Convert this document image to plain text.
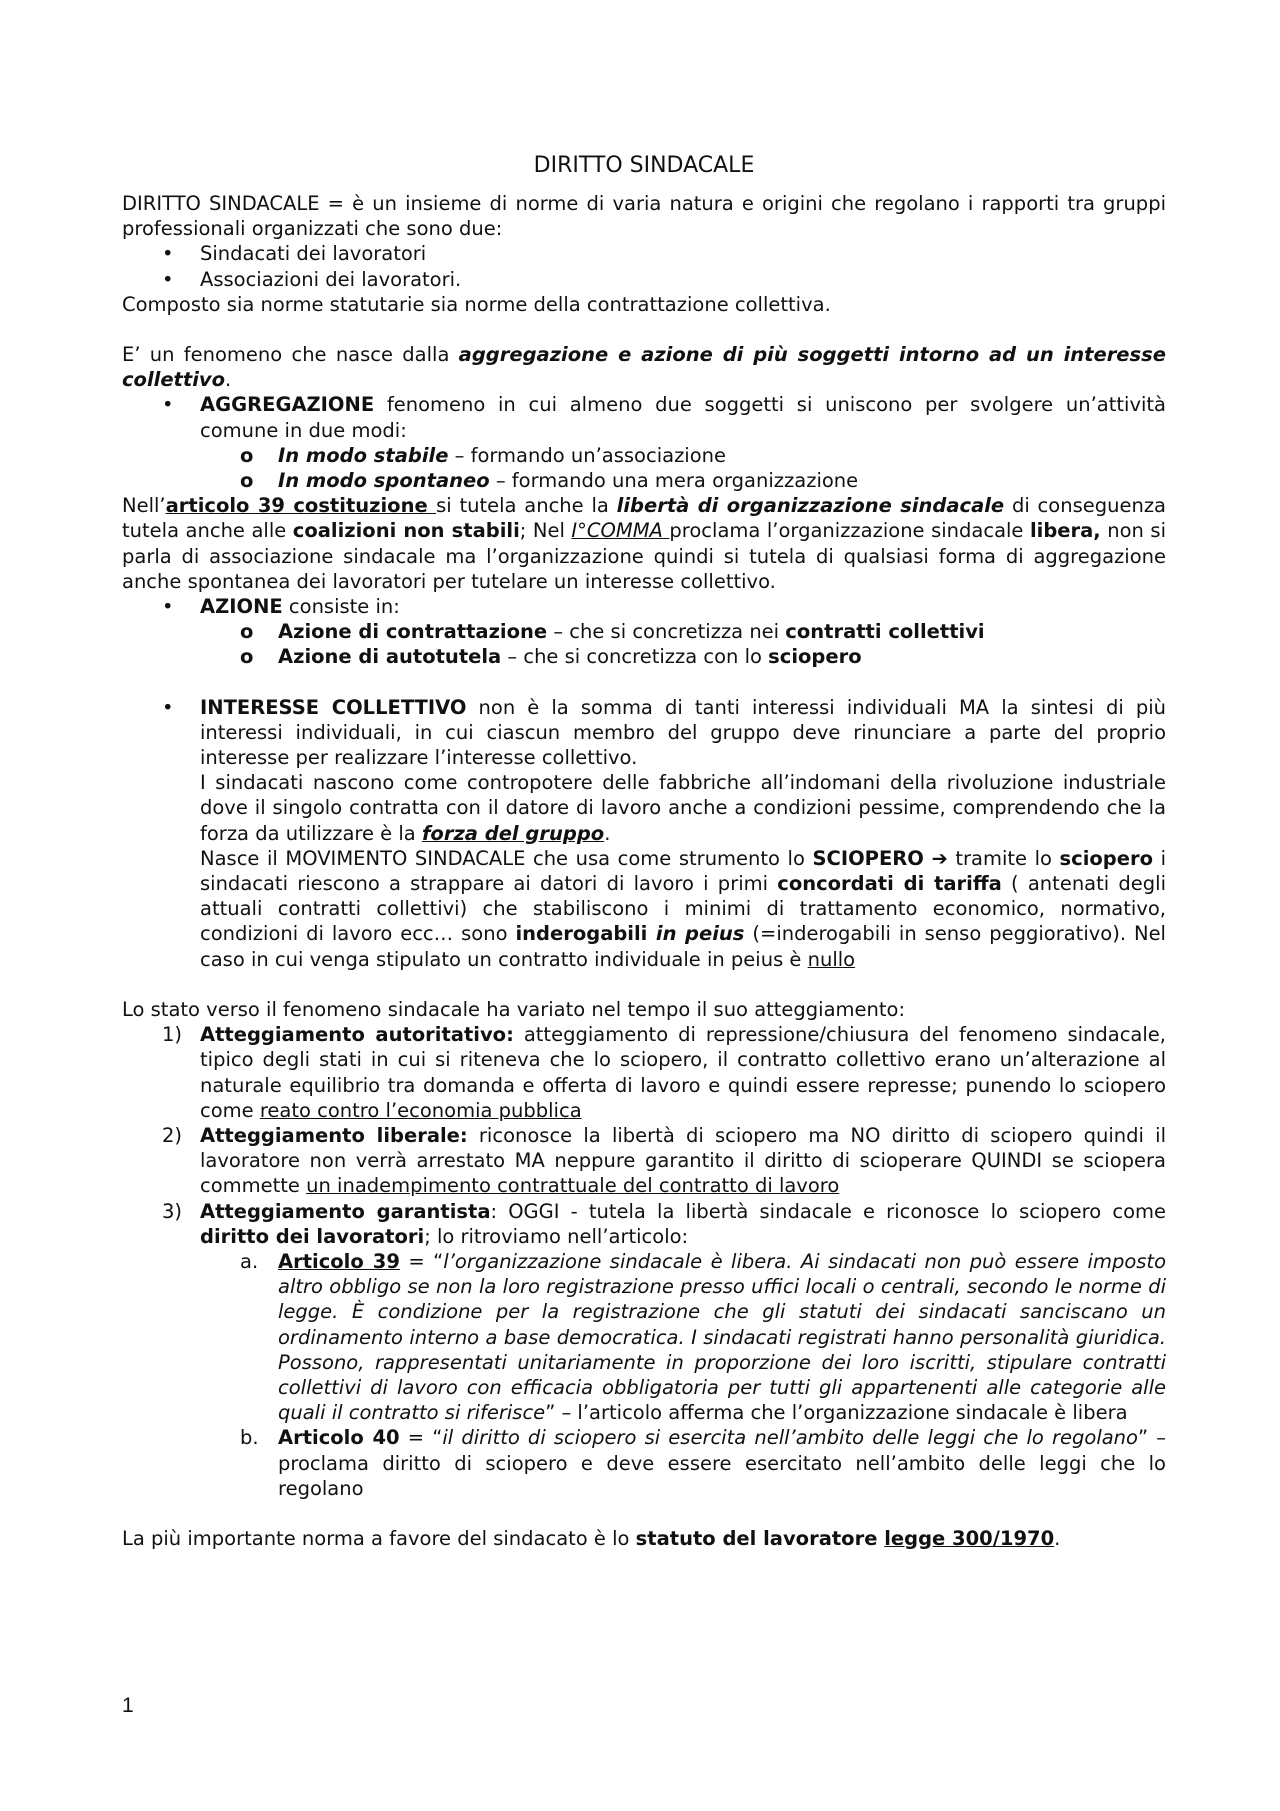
DIRITTO SINDACALE

DIRITTO SINDACALE = è un insieme di norme di varia natura e origini che regolano i rapporti tra gruppi professionali organizzati che sono due:

• Sindacati dei lavoratori
• Associazioni dei lavoratori.

Composto sia norme statutarie sia norme della contrattazione collettiva.

E’ un fenomeno che nasce dalla aggregazione e azione di più soggetti intorno ad un interesse collettivo.

• AGGREGAZIONE fenomeno in cui almeno due soggetti si uniscono per svolgere un’attività comune in due modi:
o In modo stabile – formando un’associazione
o In modo spontaneo – formando una mera organizzazione

Nell’articolo 39 costituzione si tutela anche la libertà di organizzazione sindacale di conseguenza tutela anche alle coalizioni non stabili; Nel I°COMMA proclama l’organizzazione sindacale libera, non si parla di associazione sindacale ma l’organizzazione quindi si tutela di qualsiasi forma di aggregazione anche spontanea dei lavoratori per tutelare un interesse collettivo.

• AZIONE consiste in:
o Azione di contrattazione – che si concretizza nei contratti collettivi
o Azione di autotutela – che si concretizza con lo sciopero
• INTERESSE COLLETTIVO non è la somma di tanti interessi individuali MA la sintesi di più interessi individuali, in cui ciascun membro del gruppo deve rinunciare a parte del proprio interesse per realizzare l’interesse collettivo.
I sindacati nascono come contropotere delle fabbriche all’indomani della rivoluzione industriale dove il singolo contratta con il datore di lavoro anche a condizioni pessime, comprendendo che la forza da utilizzare è la forza del gruppo.
Nasce il MOVIMENTO SINDACALE che usa come strumento lo SCIOPERO ➔ tramite lo sciopero i sindacati riescono a strappare ai datori di lavoro i primi concordati di tariffa ( antenati degli attuali contratti collettivi) che stabiliscono i minimi di trattamento economico, normativo, condizioni di lavoro ecc… sono inderogabili in peius (=inderogabili in senso peggiorativo). Nel caso in cui venga stipulato un contratto individuale in peius è nullo

Lo stato verso il fenomeno sindacale ha variato nel tempo il suo atteggiamento:

1) Atteggiamento autoritativo: atteggiamento di repressione/chiusura del fenomeno sindacale, tipico degli stati in cui si riteneva che lo sciopero, il contratto collettivo erano un’alterazione al naturale equilibrio tra domanda e offerta di lavoro e quindi essere represse; punendo lo sciopero come reato contro l’economia pubblica
2) Atteggiamento liberale: riconosce la libertà di sciopero ma NO diritto di sciopero quindi il lavoratore non verrà arrestato MA neppure garantito il diritto di scioperare QUINDI se sciopera commette un inadempimento contrattuale del contratto di lavoro
3) Atteggiamento garantista: OGGI - tutela la libertà sindacale e riconosce lo sciopero come diritto dei lavoratori; lo ritroviamo nell’articolo:
a. Articolo 39 = “l’organizzazione sindacale è libera. Ai sindacati non può essere imposto altro obbligo se non la loro registrazione presso uffici locali o centrali, secondo le norme di legge. È condizione per la registrazione che gli statuti dei sindacati sanciscano un ordinamento interno a base democratica. I sindacati registrati hanno personalità giuridica. Possono, rappresentati unitariamente in proporzione dei loro iscritti, stipulare contratti collettivi di lavoro con efficacia obbligatoria per tutti gli appartenenti alle categorie alle quali il contratto si riferisce” – l’articolo afferma che l’organizzazione sindacale è libera
b. Articolo 40 = “il diritto di sciopero si esercita nell’ambito delle leggi che lo regolano” – proclama diritto di sciopero e deve essere esercitato nell’ambito delle leggi che lo regolano

La più importante norma a favore del sindacato è lo statuto del lavoratore legge 300/1970.

1
